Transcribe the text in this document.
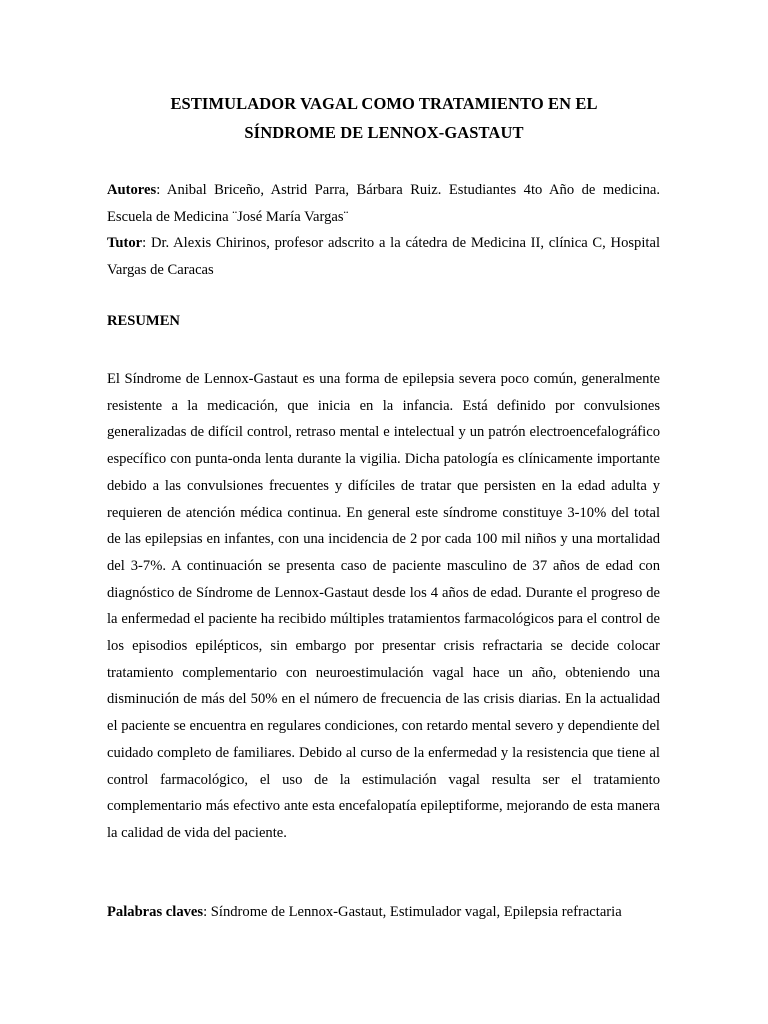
ESTIMULADOR VAGAL COMO TRATAMIENTO EN EL
SÍNDROME DE LENNOX-GASTAUT
Autores: Anibal Briceño, Astrid Parra, Bárbara Ruiz. Estudiantes 4to Año de medicina. Escuela de Medicina ¨José María Vargas¨
Tutor: Dr. Alexis Chirinos, profesor adscrito a la cátedra de Medicina II, clínica C, Hospital Vargas de Caracas
RESUMEN
El Síndrome de Lennox-Gastaut es una forma de epilepsia severa poco común, generalmente resistente a la medicación, que inicia en la infancia. Está definido por convulsiones generalizadas de difícil control, retraso mental e intelectual y un patrón electroencefalográfico específico con punta-onda lenta durante la vigilia. Dicha patología es clínicamente importante debido a las convulsiones frecuentes y difíciles de tratar que persisten en la edad adulta y requieren de atención médica continua. En general este síndrome constituye 3-10% del total de las epilepsias en infantes, con una incidencia de 2 por cada 100 mil niños y una mortalidad del 3-7%. A continuación se presenta caso de paciente masculino de 37 años de edad con diagnóstico de Síndrome de Lennox-Gastaut desde los 4 años de edad. Durante el progreso de la enfermedad el paciente ha recibido múltiples tratamientos farmacológicos para el control de los episodios epilépticos, sin embargo por presentar crisis refractaria se decide colocar tratamiento complementario con neuroestimulación vagal hace un año, obteniendo una disminución de más del 50% en el número de frecuencia de las crisis diarias. En la actualidad el paciente se encuentra en regulares condiciones, con retardo mental severo y dependiente del cuidado completo de familiares. Debido al curso de la enfermedad y la resistencia que tiene al control farmacológico, el uso de la estimulación vagal resulta ser el tratamiento complementario más efectivo ante esta encefalopatía epileptiforme, mejorando de esta manera la calidad de vida del paciente.
Palabras claves: Síndrome de Lennox-Gastaut, Estimulador vagal, Epilepsia refractaria
